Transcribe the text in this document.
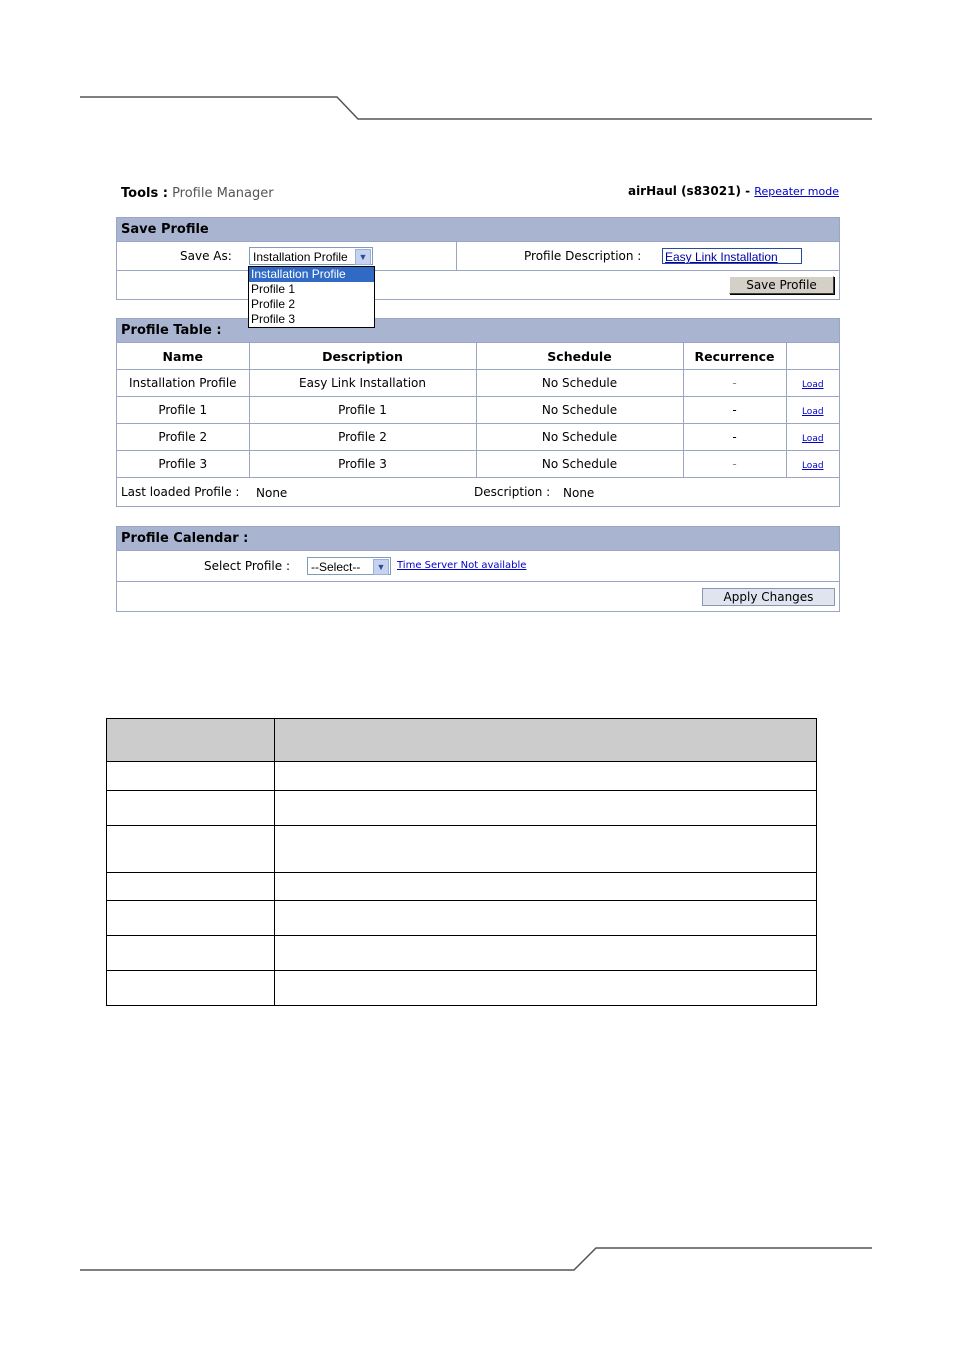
Tools : Profile Manager	airHaul (s83021) - Repeater mode
Save Profile
Save As:	Installation Profile	▼	Profile Description : Easy Link Installation
Save Profile
Installation Profile
Profile 1
Profile 2
Profile 3
Profile Table :
Name	Description	Schedule	Recurrence	
Installation Profile	Easy Link Installation	No Schedule	-	Load
Profile 1	Profile 1	No Schedule	-	Load
Profile 2	Profile 2	No Schedule	-	Load
Profile 3	Profile 3	No Schedule	-	Load
Last loaded Profile : None	Description : None
Profile Calendar :
Select Profile :	--Select--	▼	Time Server Not available
Apply Changes
